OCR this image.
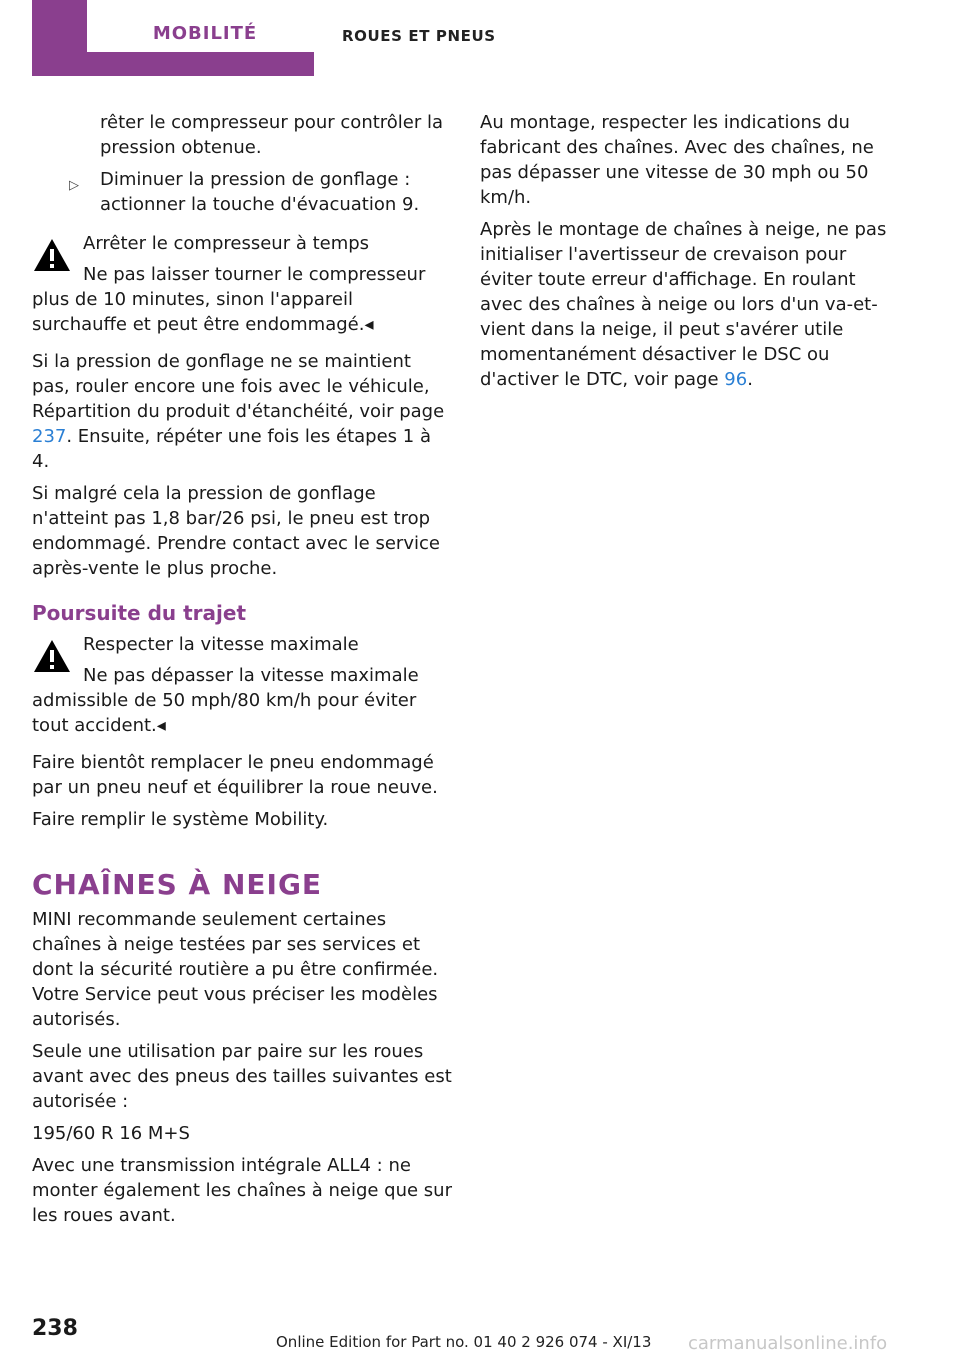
MOBILITÉ	ROUES ET PNEUS

rêter le compresseur pour contrôler la pression obtenue.

▷ Diminuer la pression de gonflage : actionner la touche d'évacuation 9.

Arrêter le compresseur à temps

Ne pas laisser tourner le compresseur plus de 10 minutes, sinon l'appareil surchauffe et peut être endommagé.◂

Si la pression de gonflage ne se maintient pas, rouler encore une fois avec le véhicule, Répartition du produit d'étanchéité, voir page 237. Ensuite, répéter une fois les étapes 1 à 4.

Si malgré cela la pression de gonflage n'atteint pas 1,8 bar/26 psi, le pneu est trop endommagé. Prendre contact avec le service après-vente le plus proche.

Poursuite du trajet

Respecter la vitesse maximale

Ne pas dépasser la vitesse maximale admissible de 50 mph/80 km/h pour éviter tout accident.◂

Faire bientôt remplacer le pneu endommagé par un pneu neuf et équilibrer la roue neuve.

Faire remplir le système Mobility.

CHAÎNES À NEIGE

MINI recommande seulement certaines chaînes à neige testées par ses services et dont la sécurité routière a pu être confirmée. Votre Service peut vous préciser les modèles autorisés.

Seule une utilisation par paire sur les roues avant avec des pneus des tailles suivantes est autorisée :

195/60 R 16 M+S

Avec une transmission intégrale ALL4 : ne monter également les chaînes à neige que sur les roues avant.

Au montage, respecter les indications du fabricant des chaînes. Avec des chaînes, ne pas dépasser une vitesse de 30 mph ou 50 km/h.

Après le montage de chaînes à neige, ne pas initialiser l'avertisseur de crevaison pour éviter toute erreur d'affichage. En roulant avec des chaînes à neige ou lors d'un va-et-vient dans la neige, il peut s'avérer utile momentanément désactiver le DSC ou d'activer le DTC, voir page 96.

238
Online Edition for Part no. 01 40 2 926 074 - XI/13 carmanualsonline.info
